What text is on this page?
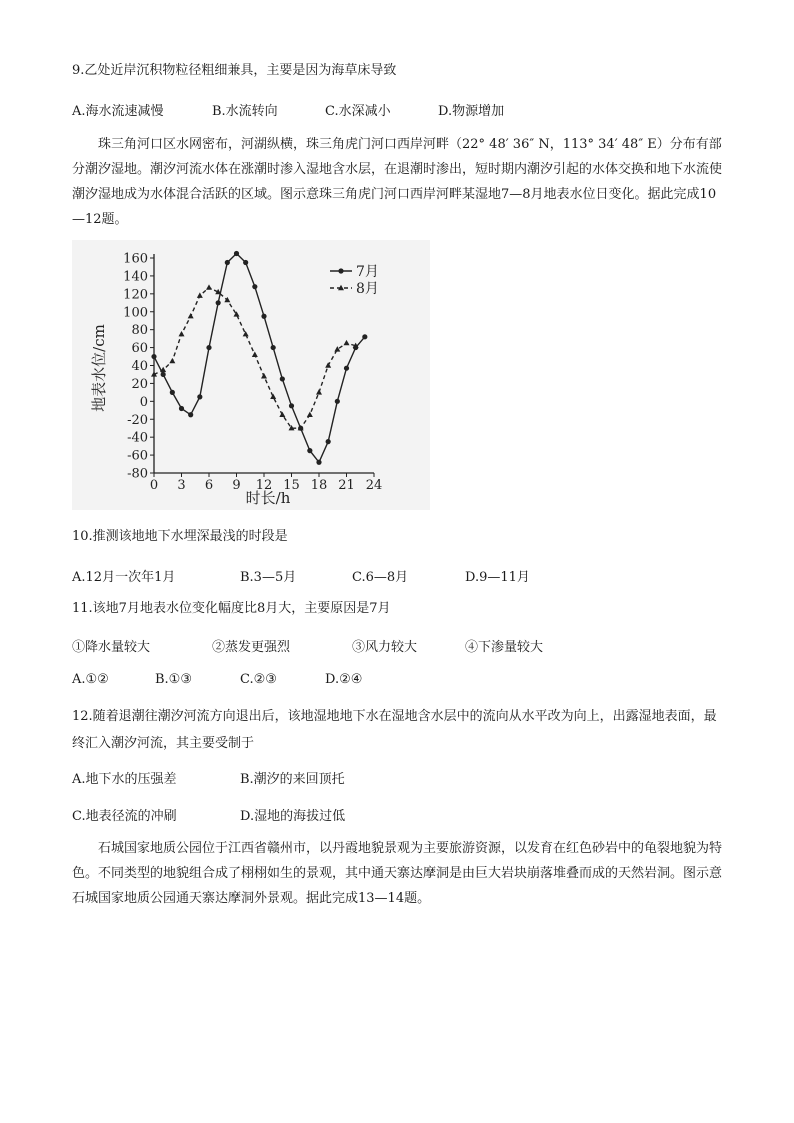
9.乙处近岸沉积物粒径粗细兼具，主要是因为海草床导致
A.海水流速减慢	B.水流转向	C.水深减小	D.物源增加
珠三角河口区水网密布，河湖纵横，珠三角虎门河口西岸河畔（22° 48′ 36″ N，113° 34′ 48″ E）分布有部分潮汐湿地。潮汐河流水体在涨潮时渗入湿地含水层，在退潮时渗出，短时期内潮汐引起的水体交换和地下水流使潮汐湿地成为水体混合活跃的区域。图示意珠三角虎门河口西岸河畔某湿地7—8月地表水位日变化。据此完成10—12题。
160
140
120
100
80
60
40
20
0
-20
-40
-60
-80
0 3 6 9 12 15 18 21 24
7月
8月
地表水位/cm
时长/h
10.推测该地地下水埋深最浅的时段是
A.12月一次年1月	B.3—5月	C.6—8月	D.9—11月
11.该地7月地表水位变化幅度比8月大，主要原因是7月
①降水量较大	②蒸发更强烈	③风力较大	④下渗量较大
A.①②	B.①③	C.②③	D.②④
12.随着退潮往潮汐河流方向退出后，该地湿地地下水在湿地含水层中的流向从水平改为向上，出露湿地表面，最终汇入潮汐河流，其主要受制于
A.地下水的压强差	B.潮汐的来回顶托
C.地表径流的冲刷	D.湿地的海拔过低
石城国家地质公园位于江西省赣州市，以丹霞地貌景观为主要旅游资源，以发育在红色砂岩中的龟裂地貌为特色。不同类型的地貌组合成了栩栩如生的景观，其中通天寨达摩洞是由巨大岩块崩落堆叠而成的天然岩洞。图示意石城国家地质公园通天寨达摩洞外景观。据此完成13—14题。
